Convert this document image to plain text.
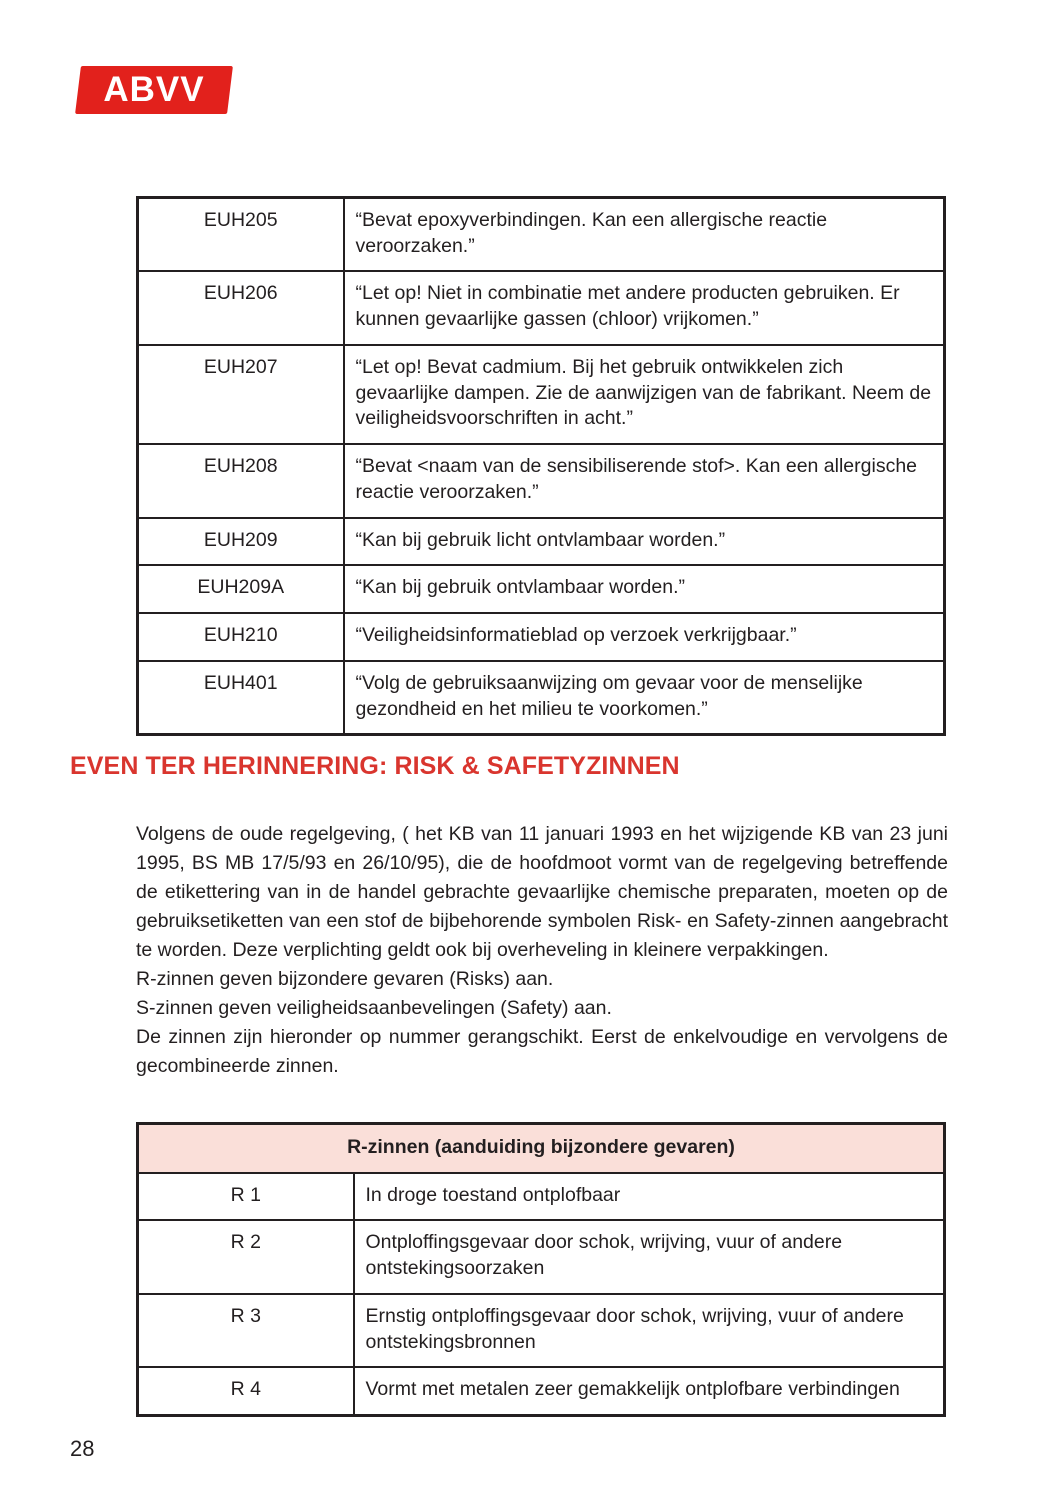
ABVV
EUH205	“Bevat epoxyverbindingen. Kan een allergische reactie veroorzaken.”
EUH206	“Let op! Niet in combinatie met andere producten gebruiken. Er kunnen gevaarlijke gassen (chloor) vrijkomen.”
EUH207	“Let op! Bevat cadmium. Bij het gebruik ontwikkelen zich gevaarlijke dampen. Zie de aanwijzigen van de fabrikant. Neem de veiligheidsvoorschriften in acht.”
EUH208	“Bevat <naam van de sensibiliserende stof>. Kan een allergische reactie veroorzaken.”
EUH209	“Kan bij gebruik licht ontvlambaar worden.”
EUH209A	“Kan bij gebruik ontvlambaar worden.”
EUH210	“Veiligheidsinformatieblad op verzoek verkrijgbaar.”
EUH401	“Volg de gebruiksaanwijzing om gevaar voor de menselijke gezondheid en het milieu te voorkomen.”
EVEN TER HERINNERING: RISK & SAFETYZINNEN

Volgens de oude regelgeving, ( het KB van 11 januari 1993 en het wijzigende KB van 23 juni 1995, BS MB 17/5/93 en 26/10/95), die de hoofdmoot vormt van de regelgeving betreffende de etikettering van in de handel gebrachte gevaarlijke chemische preparaten, moeten op de gebruiksetiketten van een stof de bijbehorende symbolen Risk- en Safety-zinnen aangebracht te worden. Deze verplichting geldt ook bij overheveling in kleinere verpakkingen.

R-zinnen geven bijzondere gevaren (Risks) aan.

S-zinnen geven veiligheidsaanbevelingen (Safety) aan.

De zinnen zijn hieronder op nummer gerangschikt. Eerst de enkelvoudige en vervolgens de gecombineerde zinnen.

R-zinnen (aanduiding bijzondere gevaren)	
R 1	In droge toestand ontplofbaar
R 2	Ontploffingsgevaar door schok, wrijving, vuur of andere ontstekingsoorzaken
R 3	Ernstig ontploffingsgevaar door schok, wrijving, vuur of andere ontstekingsbronnen
R 4	Vormt met metalen zeer gemakkelijk ontplofbare verbindingen
28
